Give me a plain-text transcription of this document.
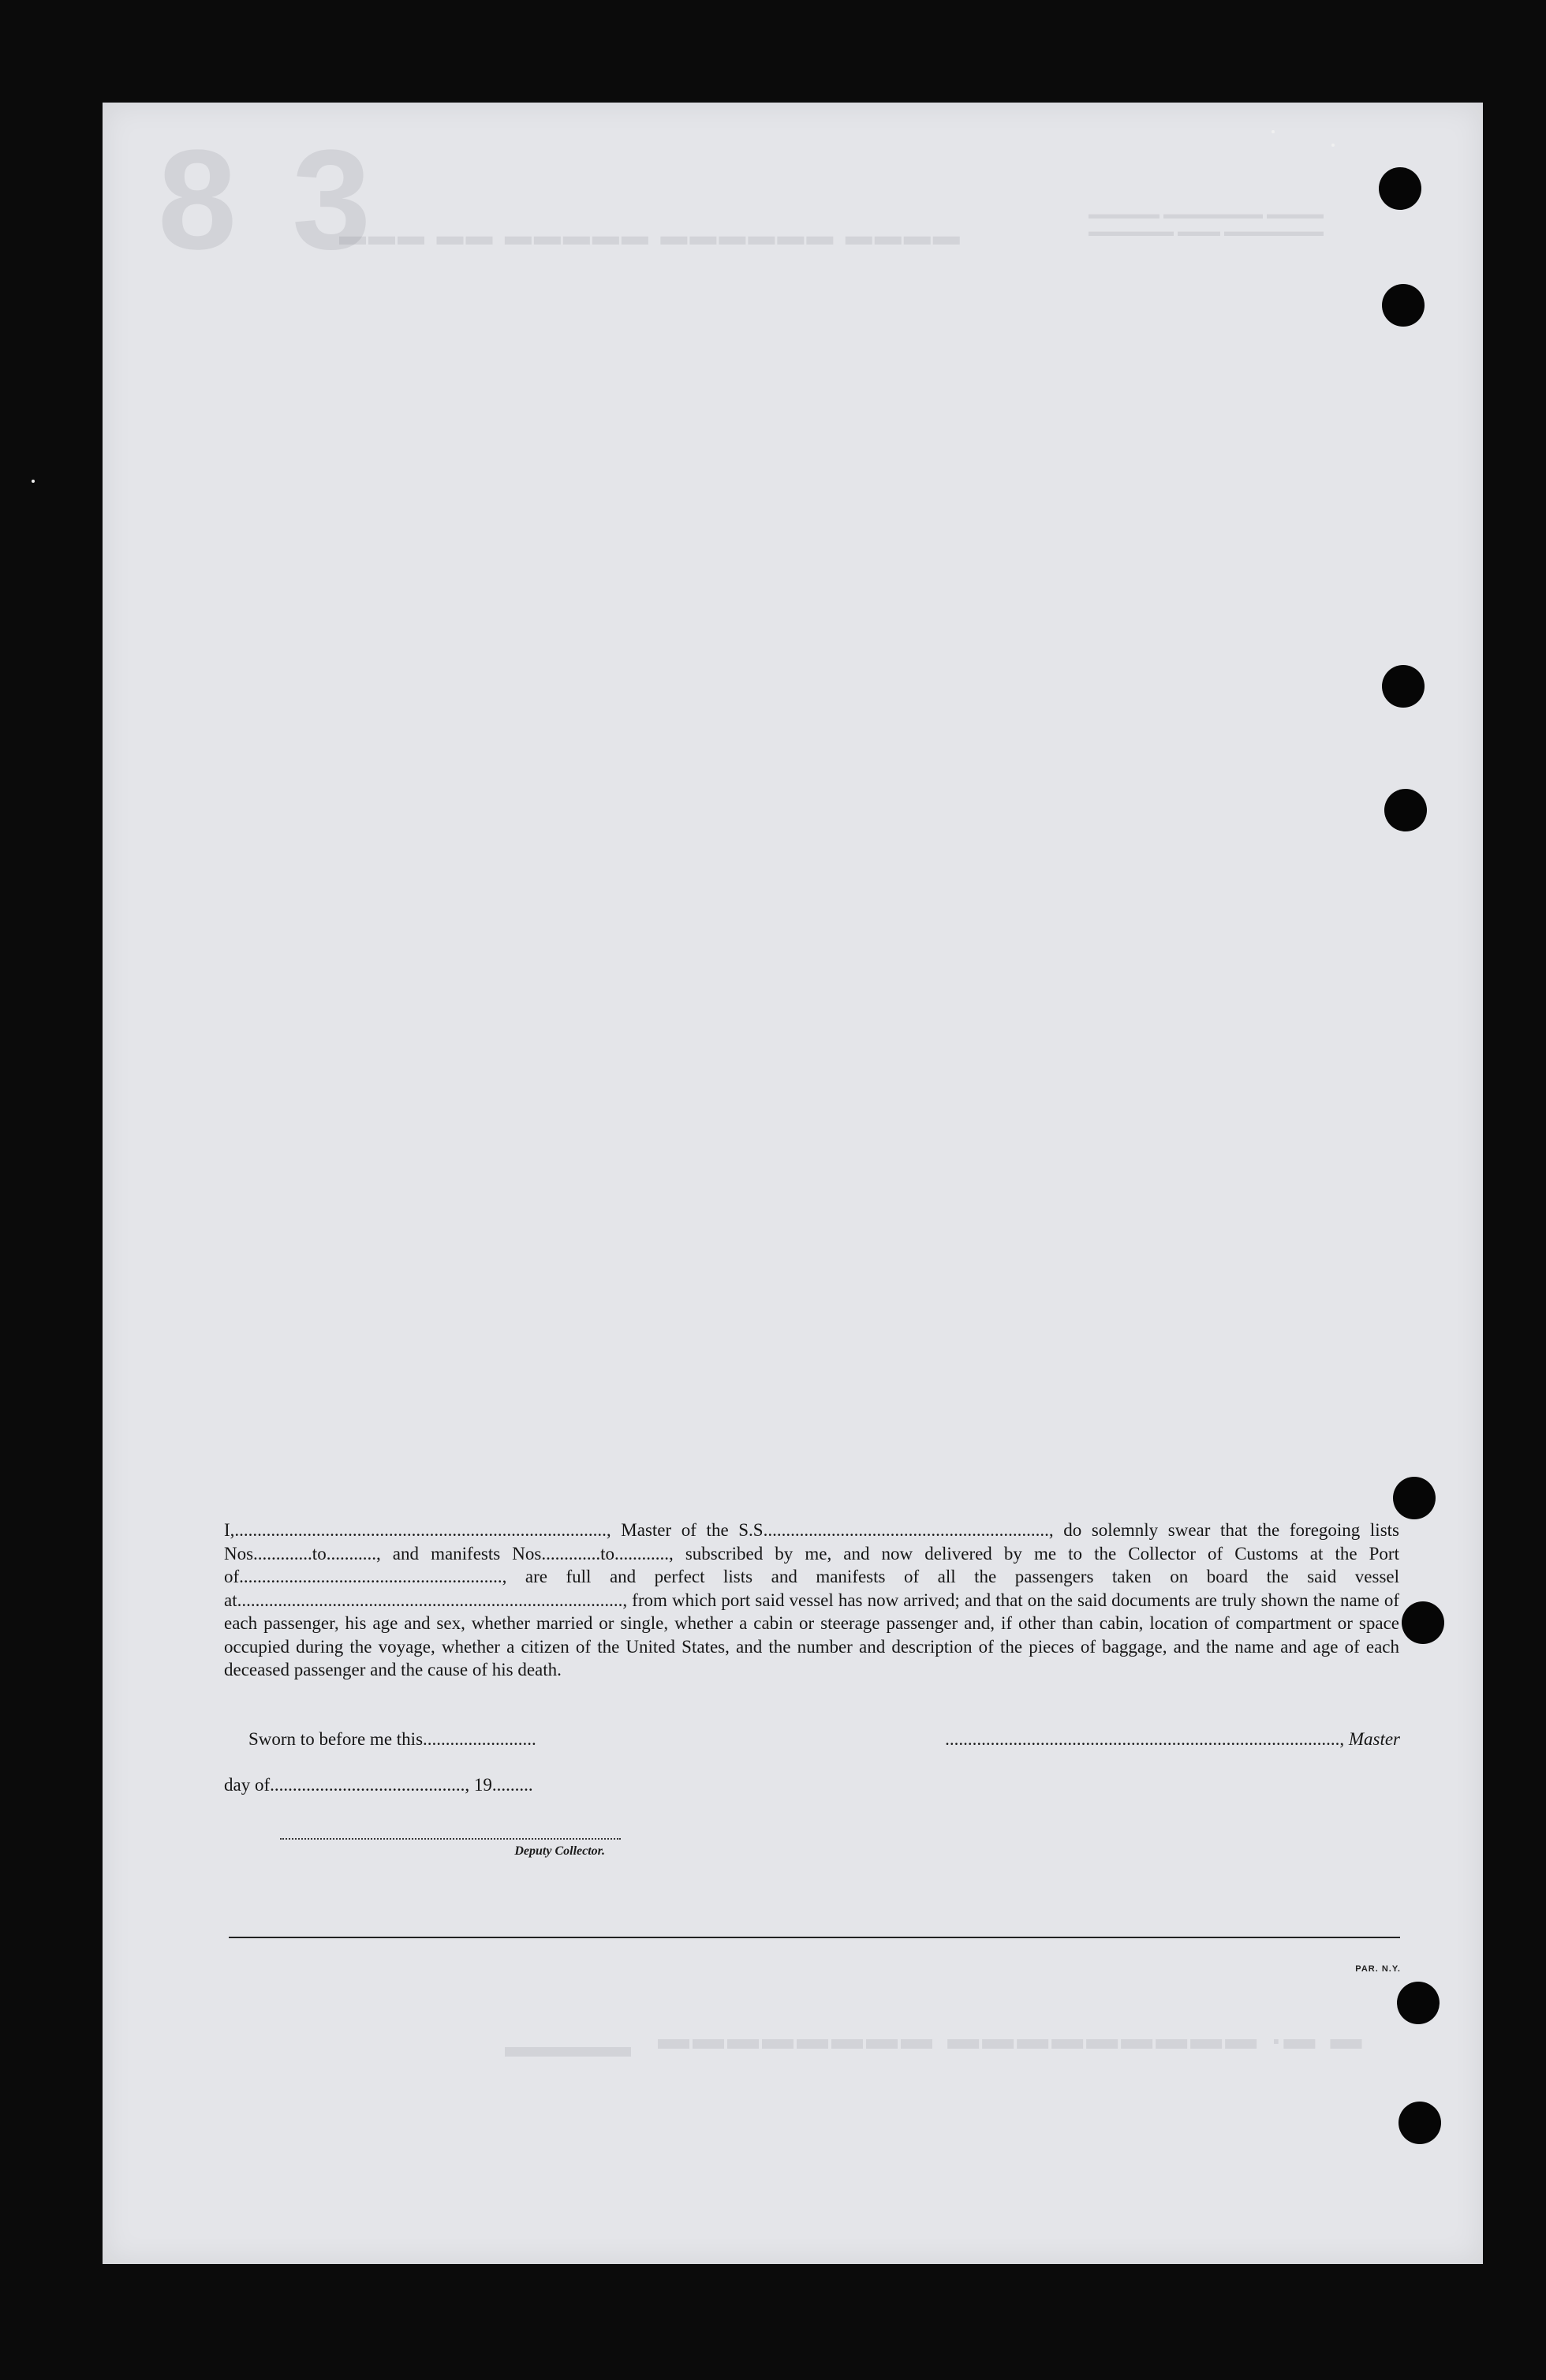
8 3
▬▬▬ ▬▬ ▬▬▬▬▬ ▬▬▬▬▬▬ ▬▬▬▬
▬▬▬▬▬ ▬▬▬▬▬▬▬ ▬▬▬▬ ▬▬▬▬▬▬ ▬▬▬ ▬▬▬▬▬▬▬
▬ ▬. ▬▬▬▬▬▬▬▬▬ ▬▬▬▬▬▬▬▬
▬▬▬▬

I,.................................................................................., Master of the S.S..............................................................., do solemnly swear that the foregoing lists Nos.............to..........., and manifests Nos.............to............, subscribed by me, and now delivered by me to the Collector of Customs at the Port of.........................................................., are full and perfect lists and manifests of all the passengers taken on board the said vessel at....................................................................................., from which port said vessel has now arrived; and that on the said documents are truly shown the name of each passenger, his age and sex, whether married or single, whether a cabin or steerage passenger and, if other than cabin, location of compartment or space occupied during the voyage, whether a citizen of the United States, and the number and description of the pieces of baggage, and the name and age of each deceased passenger and the cause of his death.

Sworn to before me this.........................
day of..........................................., 19.........
......................................................................................., Master
Deputy Collector.
PAR. N.Y.
